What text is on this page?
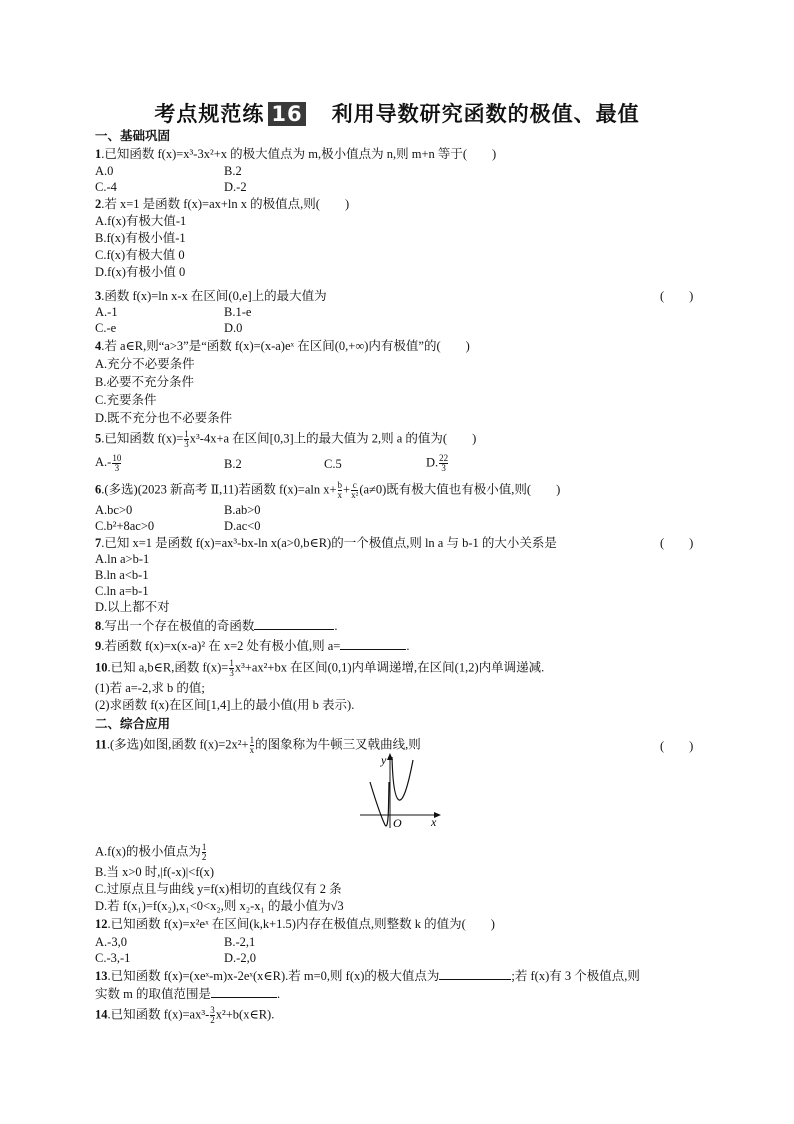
考点规范练 16　 利用导数研究函数的极值、最值
一、基础巩固
1.已知函数 f(x)=x³-3x²+x 的极大值点为 m,极小值点为 n,则 m+n 等于(　　)
A.0	B.2
C.-4	D.-2
2.若 x=1 是函数 f(x)=ax+ln x 的极值点,则(　　)
A.f(x)有极大值-1
B.f(x)有极小值-1
C.f(x)有极大值 0
D.f(x)有极小值 0
3.函数 f(x)=ln x-x 在区间(0,e]上的最大值为	(　　)
A.-1	B.1-e
C.-e	D.0
4.若 a∈R,则“a>3”是“函数 f(x)=(x-a)eˣ 在区间(0,+∞)内有极值”的(　　)
A.充分不必要条件
B.必要不充分条件
C.充要条件
D.既不充分也不必要条件
5.已知函数 $f(x)= \frac{1}{3} x^3-4x+a$ 在区间[0,3]上的最大值为 2,则 a 的值为(　　)
$A.- \frac{10}{3}$	B.2	C.5	D. $\frac{22}{3}$
6.(多选)(2023 新高考 Ⅱ,11)若函数 f(x)=aln $x+ \frac{b}{x} + \frac{c}{\text{x²}} (a\ne 0)$既有极大值也有极小值,则(　　)
A.bc>0	B.ab>0
C.b²+8ac>0	D.ac<0
7.已知 x=1 是函数 f(x)=ax³-bx-ln x(a>0,b∈R)的一个极值点,则 ln a 与 b-1 的大小关系是	(　　)
A.ln a>b-1
B.ln a<b-1
C.ln a=b-1
D.以上都不对
8.写出一个存在极值的奇函数	.
9.若函数 f(x)=x(x-a)² 在 x=2 处有极小值,则 a=	.
10.已知 a,b∈R,函数 $f(x)= \frac{1}{3} x^3+ax^2+bx$ 在区间(0,1)内单调递增,在区间(1,2)内单调递减.
(1)若 a=-2,求 b 的值;
(2)求函数 f(x)在区间[1,4]上的最小值(用 b 表示).
二、综合应用
11.(多选)如图,函数 $f(x)=2x^2+ \frac{1}{x}$ 的图象称为牛顿三叉戟曲线,则	(　　)
y
O x
A.f(x)的极小值点为 $\frac{1}{2}$
B.当 x>0 时,|f(-x)|<f(x)
C.过原点且与曲线 y=f(x)相切的直线仅有 2 条
D.若 f(x₁)=f(x₂),x₁<0<x₂,则 x₂-x₁ 的最小值为√3
12.已知函数 f(x)=x²eˣ 在区间(k,k+1.5)内存在极值点,则整数 k 的值为(　　)
A.-3,0	B.-2,1
C.-3,-1	D.-2,0
13.已知函数 f(x)=(xeˣ-m)x-2eˣ(x∈R).若 m=0,则 f(x)的极大值点为	;若 f(x)有 3 个极值点,则
实数 m 的取值范围是	.
14.已知函数 $f(x)=ax^3- \frac{3}{2}$ x²+b(x∈R).
